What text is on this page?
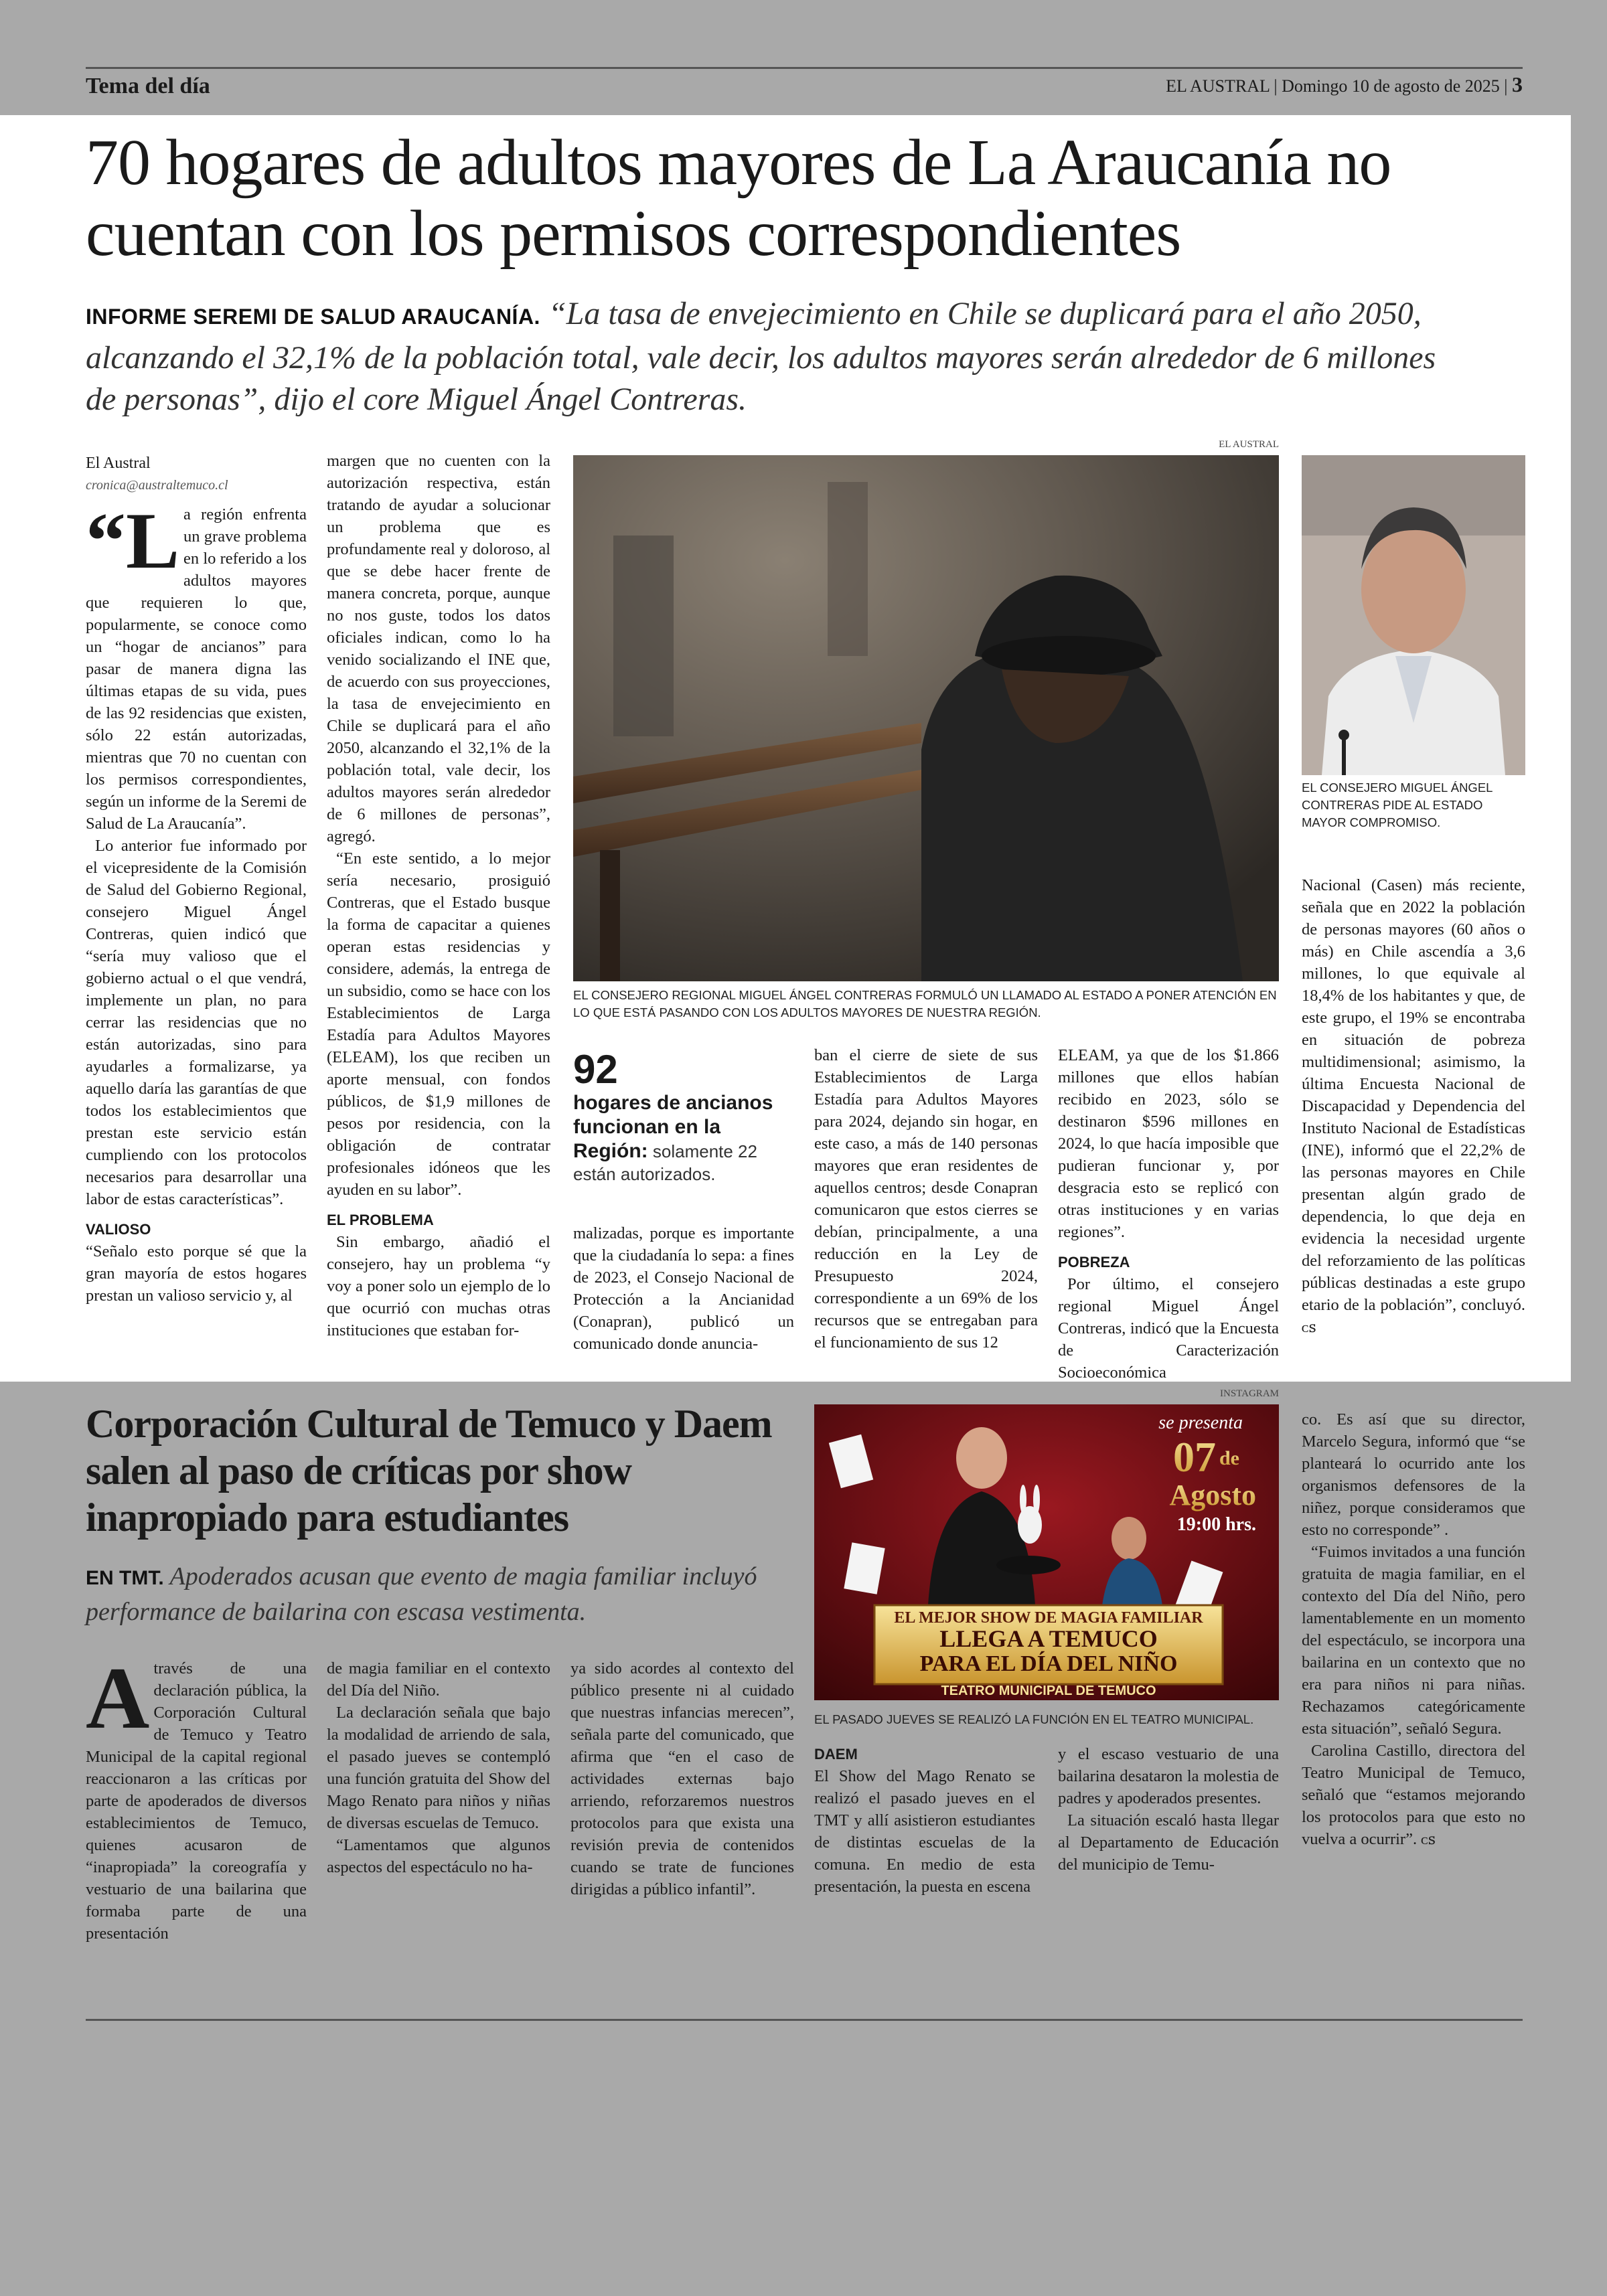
Tema del día	EL AUSTRAL | Domingo 10 de agosto de 2025 | 3
70 hogares de adultos mayores de La Araucanía no cuentan con los permisos correspondientes
INFORME SEREMI DE SALUD ARAUCANÍA. “La tasa de envejecimiento en Chile se duplicará para el año 2050, alcanzando el 32,1% de la población total, vale decir, los adultos mayores serán alrededor de 6 millones de personas”, dijo el core Miguel Ángel Contreras.
El Austral
cronica@australtemuco.cl

“La región enfrenta un grave problema en lo referido a los adultos mayores que requieren lo que, popularmente, se conoce como un “hogar de ancianos” para pasar de manera digna las últimas etapas de su vida, pues de las 92 residencias que existen, sólo 22 están autorizadas, mientras que 70 no cuentan con los permisos correspondientes, según un informe de la Seremi de Salud de La Araucanía”.

Lo anterior fue informado por el vicepresidente de la Comisión de Salud del Gobierno Regional, consejero Miguel Ángel Contreras, quien indicó que “sería muy valioso que el gobierno actual o el que vendrá, implemente un plan, no para cerrar las residencias que no están autorizadas, sino para ayudarles a formalizarse, ya aquello daría las garantías de que todos los establecimientos que prestan este servicio están cumpliendo con los protocolos necesarios para desarrollar una labor de estas características”.

VALIOSO

“Señalo esto porque sé que la gran mayoría de estos hogares prestan un valioso servicio y, al

margen que no cuenten con la autorización respectiva, están tratando de ayudar a solucionar un problema que es profundamente real y doloroso, al que se debe hacer frente de manera concreta, porque, aunque no nos guste, todos los datos oficiales indican, como lo ha venido socializando el INE que, de acuerdo con sus proyecciones, la tasa de envejecimiento en Chile se duplicará para el año 2050, alcanzando el 32,1% de la población total, vale decir, los adultos mayores serán alrededor de 6 millones de personas”, agregó.

“En este sentido, a lo mejor sería necesario, prosiguió Contreras, que el Estado busque la forma de capacitar a quienes operan estas residencias y considere, además, la entrega de un subsidio, como se hace con los Establecimientos de Larga Estadía para Adultos Mayores (ELEAM), los que reciben un aporte mensual, con fondos públicos, de $1,9 millones de pesos por residencia, con la obligación de contratar profesionales idóneos que les ayuden en su labor”.

EL PROBLEMA

Sin embargo, añadió el consejero, hay un problema “y voy a poner solo un ejemplo de lo que ocurrió con muchas otras instituciones que estaban for-

EL AUSTRAL
EL CONSEJERO REGIONAL MIGUEL ÁNGEL CONTRERAS FORMULÓ UN LLAMADO AL ESTADO A PONER ATENCIÓN EN LO QUE ESTÁ PASANDO CON LOS ADULTOS MAYORES DE NUESTRA REGIÓN.
EL CONSEJERO MIGUEL ÁNGEL CONTRERAS PIDE AL ESTADO MAYOR COMPROMISO.
92
hogares de ancianos funcionan en la Región: solamente 22 están autorizados.

malizadas, porque es importante que la ciudadanía lo sepa: a fines de 2023, el Consejo Nacional de Protección a la Ancianidad (Conapran), publicó un comunicado donde anuncia-

ban el cierre de siete de sus Establecimientos de Larga Estadía para Adultos Mayores para 2024, dejando sin hogar, en este caso, a más de 140 personas mayores que eran residentes de aquellos centros; desde Conapran comunicaron que estos cierres se debían, principalmente, a una reducción en la Ley de Presupuesto 2024, correspondiente a un 69% de los recursos que se entregaban para el funcionamiento de sus 12

ELEAM, ya que de los $1.866 millones que ellos habían recibido en 2023, sólo se destinaron $596 millones en 2024, lo que hacía imposible que pudieran funcionar y, por desgracia esto se replicó con otras instituciones y en varias regiones”.

POBREZA

Por último, el consejero regional Miguel Ángel Contreras, indicó que la Encuesta de Caracterización Socioeconómica

Nacional (Casen) más reciente, señala que en 2022 la población de personas mayores (60 años o más) en Chile ascendía a 3,6 millones, lo que equivale al 18,4% de los habitantes y que, de este grupo, el 19% se encontraba en situación de pobreza multidimensional; asimismo, la última Encuesta Nacional de Discapacidad y Dependencia del Instituto Nacional de Estadísticas (INE), informó que el 22,2% de las personas mayores en Chile presentan algún grado de dependencia, lo que deja en evidencia la necesidad urgente del reforzamiento de las políticas públicas destinadas a este grupo etario de la población”, concluyó. ᴄꜱ

Corporación Cultural de Temuco y Daem salen al paso de críticas por show inapropiado para estudiantes
EN TMT. Apoderados acusan que evento de magia familiar incluyó performance de bailarina con escasa vestimenta.

Através de una declaración pública, la Corporación Cultural de Temuco y Teatro Municipal de la capital regional reaccionaron a las críticas por parte de apoderados de diversos establecimientos de Temuco, quienes acusaron de “inapropiada” la coreografía y vestuario de una bailarina que formaba parte de una presentación

de magia familiar en el contexto del Día del Niño.

La declaración señala que bajo la modalidad de arriendo de sala, el pasado jueves se contempló una función gratuita del Show del Mago Renato para niños y niñas de diversas escuelas de Temuco.

“Lamentamos que algunos aspectos del espectáculo no ha-

ya sido acordes al contexto del público presente ni al cuidado que nuestras infancias merecen”, señala parte del comunicado, que afirma que “en el caso de actividades externas bajo arriendo, reforzaremos nuestros protocolos para que exista una revisión previa de contenidos cuando se trate de funciones dirigidas a público infantil”.

INSTAGRAM
se presenta
07 de
Agosto
19:00 hrs.
EL MEJOR SHOW DE MAGIA FAMILIAR
LLEGA A TEMUCO
PARA EL DÍA DEL NIÑO
TEATRO MUNICIPAL DE TEMUCO
EL PASADO JUEVES SE REALIZÓ LA FUNCIÓN EN EL TEATRO MUNICIPAL.

DAEM

El Show del Mago Renato se realizó el pasado jueves en el TMT y allí asistieron estudiantes de distintas escuelas de la comuna. En medio de esta presentación, la puesta en escena

y el escaso vestuario de una bailarina desataron la molestia de padres y apoderados presentes.

La situación escaló hasta llegar al Departamento de Educación del municipio de Temu-

co. Es así que su director, Marcelo Segura, informó que “se planteará lo ocurrido ante los organismos defensores de la niñez, porque consideramos que esto no corresponde” .

“Fuimos invitados a una función gratuita de magia familiar, en el contexto del Día del Niño, pero lamentablemente en un momento del espectáculo, se incorpora una bailarina en un contexto que no era para niños ni para niñas. Rechazamos categóricamente esta situación”, señaló Segura.

Carolina Castillo, directora del Teatro Municipal de Temuco, señaló que “estamos mejorando los protocolos para que esto no vuelva a ocurrir”. ᴄꜱ
